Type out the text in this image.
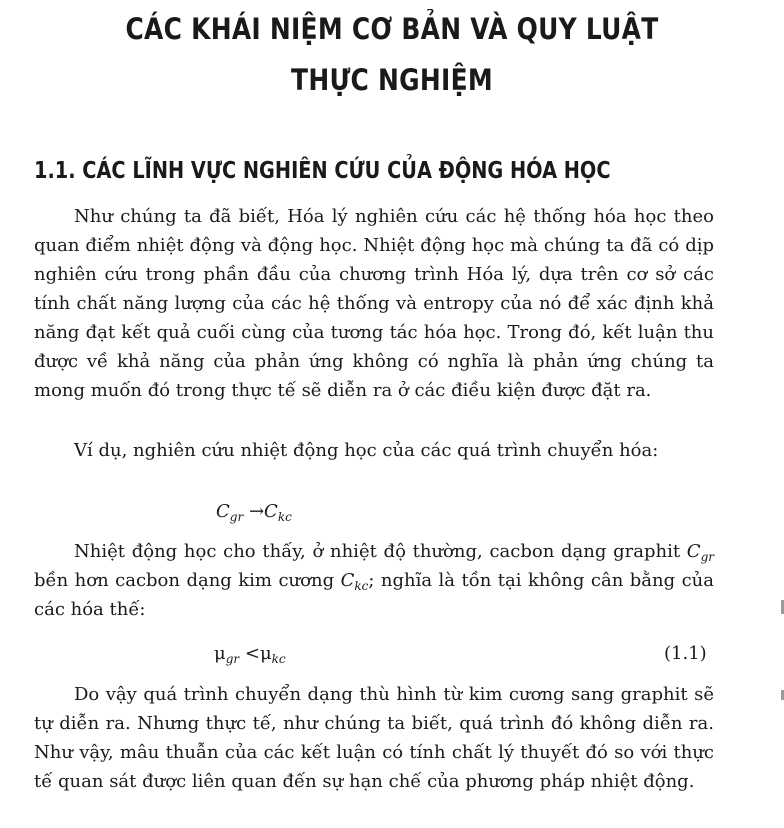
CÁC KHÁI NIỆM CƠ BẢN VÀ QUY LUẬT
THỰC NGHIỆM
1.1. CÁC LĨNH VỰC NGHIÊN CỨU CỦA ĐỘNG HÓA HỌC

Như chúng ta đã biết, Hóa lý nghiên cứu các hệ thống hóa học theo quan điểm nhiệt động và động học. Nhiệt động học mà chúng ta đã có dịp nghiên cứu trong phần đầu của chương trình Hóa lý, dựa trên cơ sở các tính chất năng lượng của các hệ thống và entropy của nó để xác định khả năng đạt kết quả cuối cùng của tương tác hóa học. Trong đó, kết luận thu được về khả năng của phản ứng không có nghĩa là phản ứng chúng ta mong muốn đó trong thực tế sẽ diễn ra ở các điều kiện được đặt ra.

Ví dụ, nghiên cứu nhiệt động học của các quá trình chuyển hóa:

$C_{gr} \to C_{kc}$

Nhiệt động học cho thấy, ở nhiệt độ thường, cacbon dạng graphit $C_{gr}$ bền hơn cacbon dạng kim cương $C_{kc}$; nghĩa là tồn tại không cân bằng của các hóa thế:

$\mu_{gr} <\mu_{kc}$	(1.1)

Do vậy quá trình chuyển dạng thù hình từ kim cương sang graphit sẽ tự diễn ra. Nhưng thực tế, như chúng ta biết, quá trình đó không diễn ra. Như vậy, mâu thuẫn của các kết luận có tính chất lý thuyết đó so với thực tế quan sát được liên quan đến sự hạn chế của phương pháp nhiệt động.
